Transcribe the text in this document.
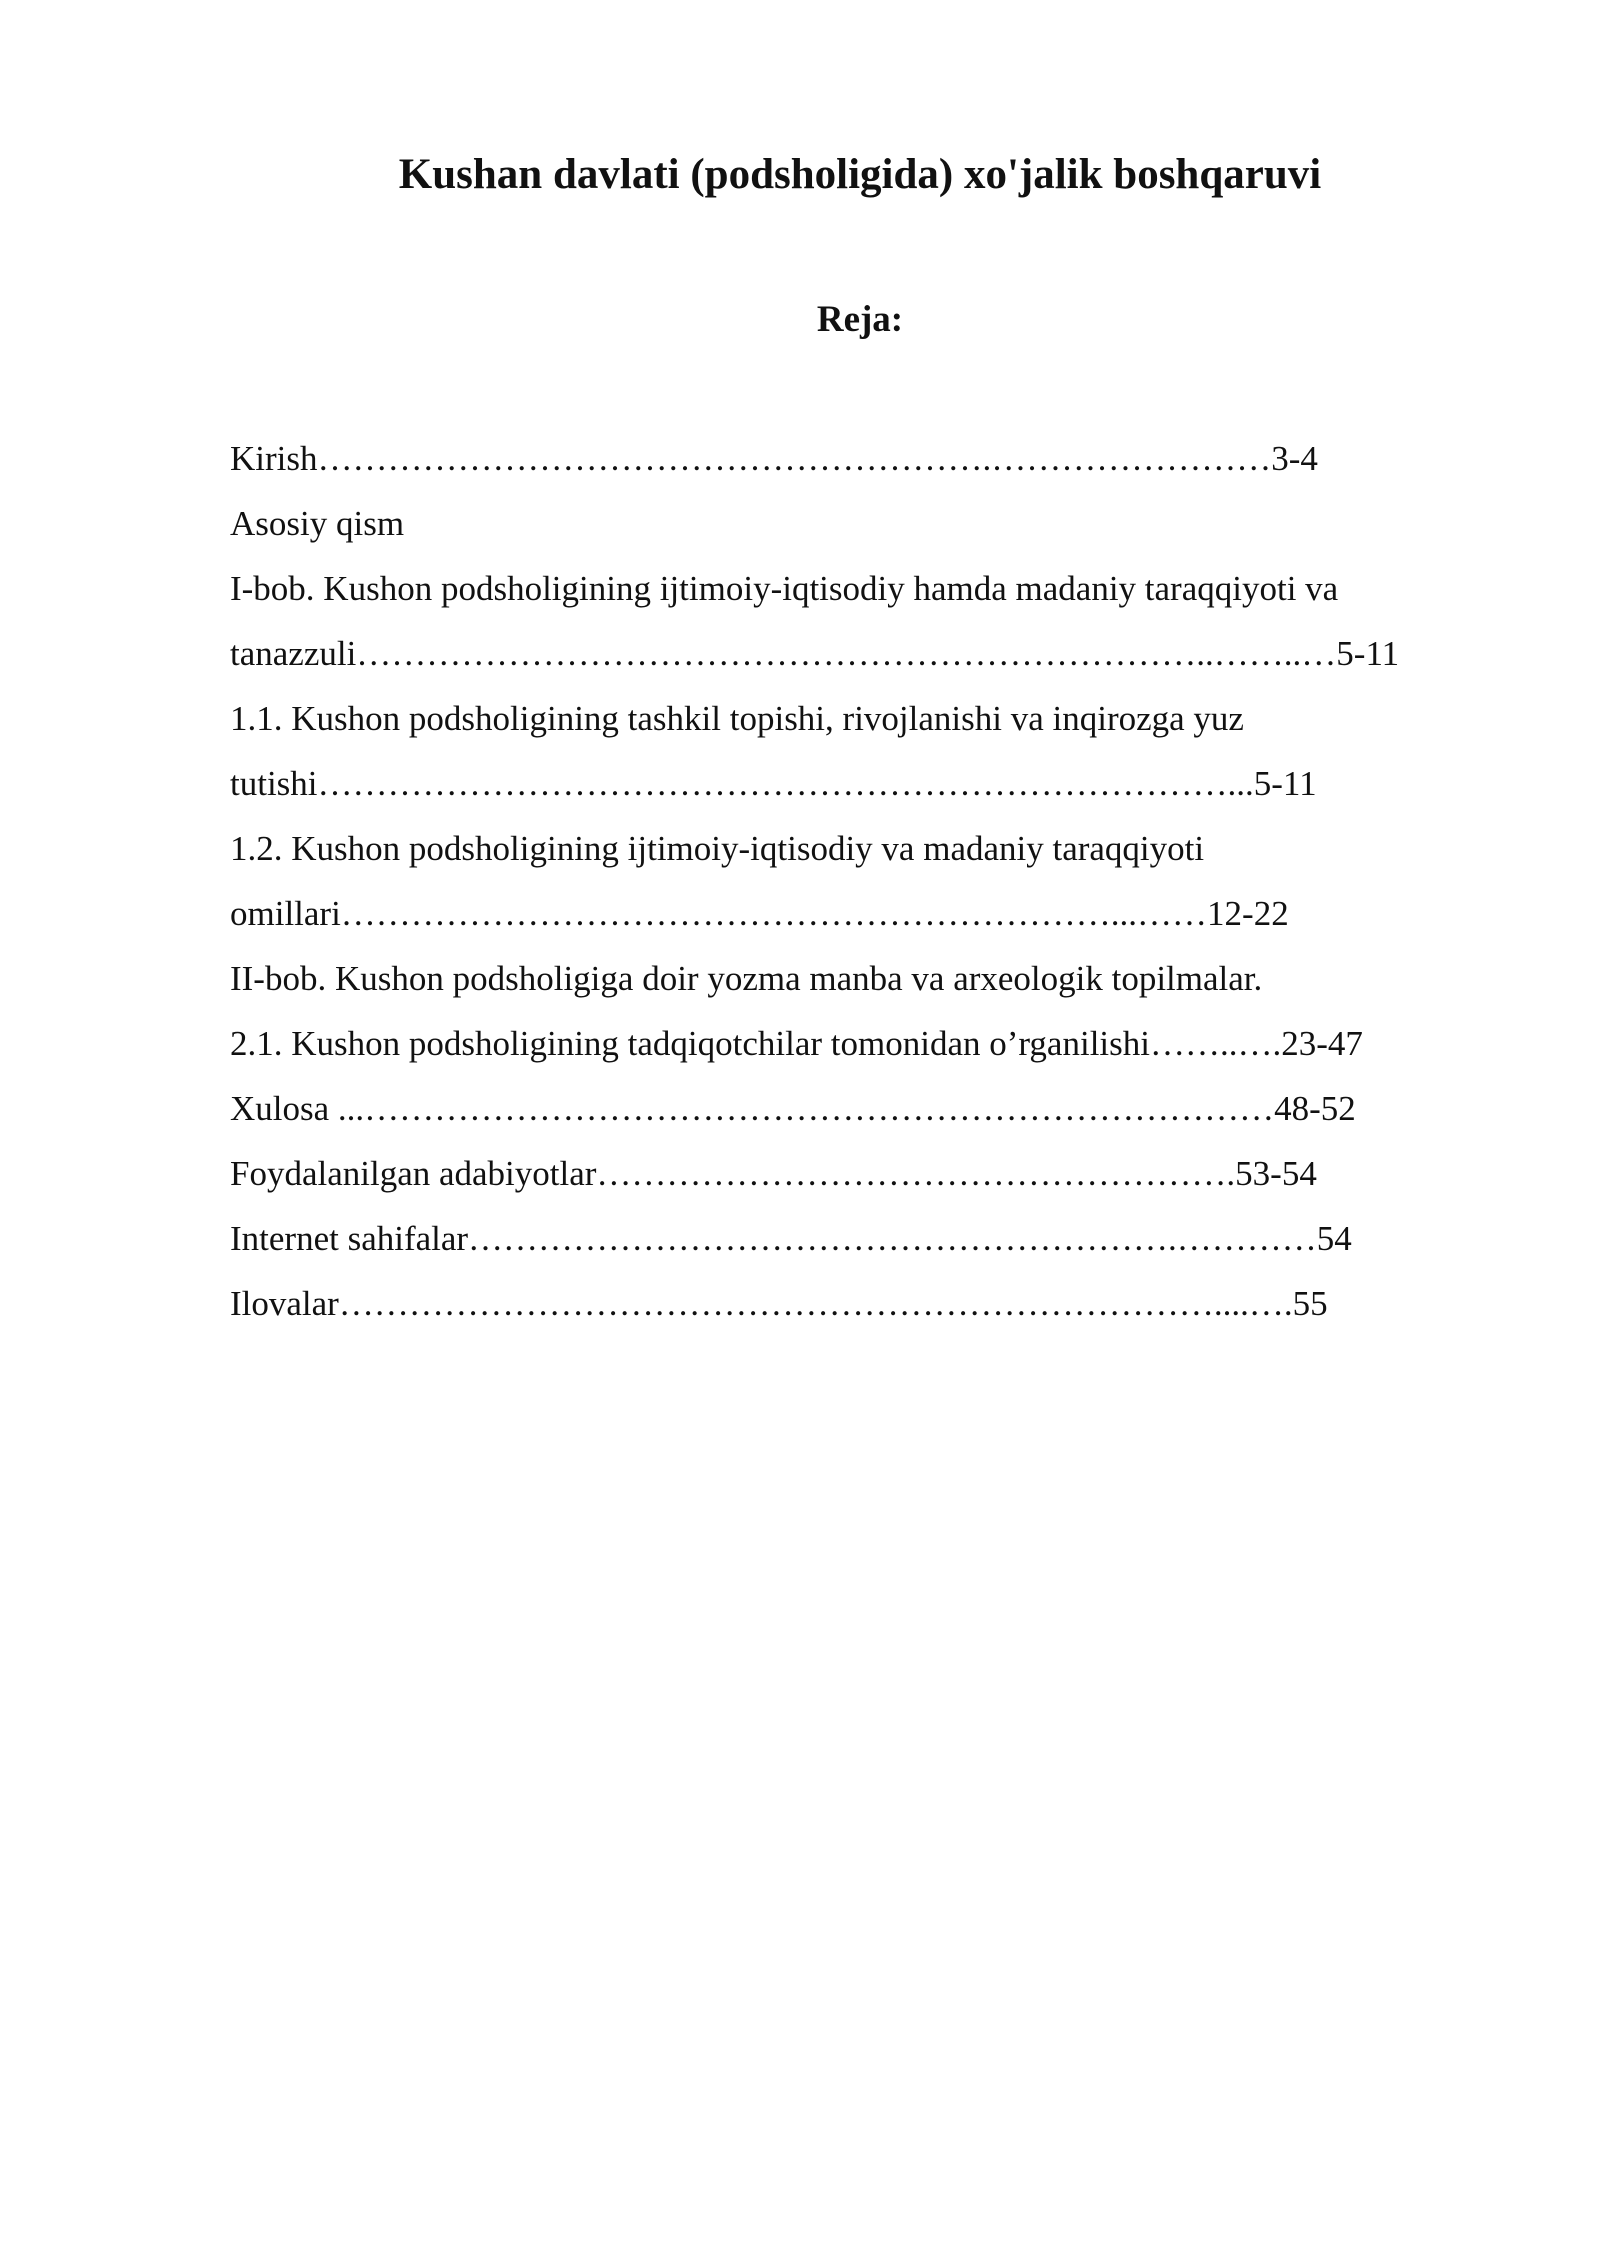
Kushan davlati (podsholigida) xo'jalik boshqaruvi
Reja:
Kirish………………………………………………….……………………3-4
Asosiy qism
I-bob. Kushon podsholigining ijtimoiy-iqtisodiy hamda madaniy taraqqiyoti va
tanazzuli………………………………………………………………..……..…5-11
1.1. Kushon podsholigining tashkil topishi, rivojlanishi va inqirozga yuz
tutishi……………………………………………………………………...5-11
1.2. Kushon podsholigining ijtimoiy-iqtisodiy va madaniy taraqqiyoti
omillari…………………………………………………………...……12-22
II-bob. Kushon podsholigiga doir yozma manba va arxeologik topilmalar.
2.1. Kushon podsholigining tadqiqotchilar tomonidan o’rganilishi……..….23-47
Xulosa ...……………………………………………………………………48-52
Foydalanilgan adabiyotlar……………………………………………….53-54
Internet sahifalar…………………………………………………….…………54
Ilovalar…………………………………………………………………....….55
